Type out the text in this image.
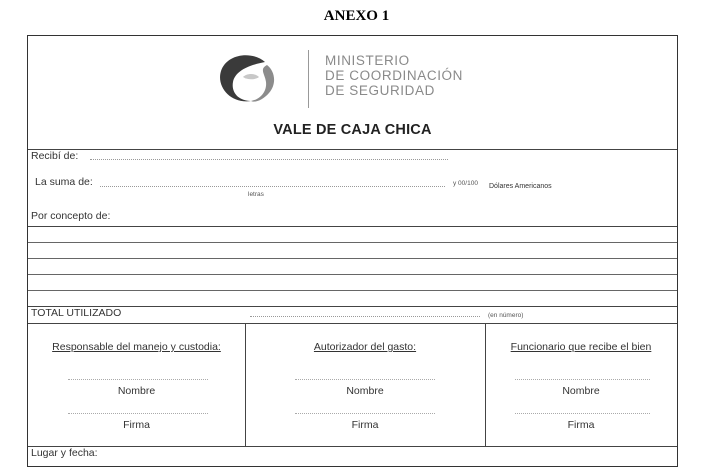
ANEXO 1
MINISTERIO
DE COORDINACIÓN
DE SEGURIDAD
VALE DE CAJA CHICA
Recibí de:
La suma de:
letras
y 00/100 Dólares Americanos
Por concepto de:
TOTAL UTILIZADO	(en número)
Responsable del manejo y custodia:
Nombre
Firma
Autorizador del gasto:
Nombre
Firma
Funcionario que recibe el bien
Nombre
Firma
Lugar y fecha:
